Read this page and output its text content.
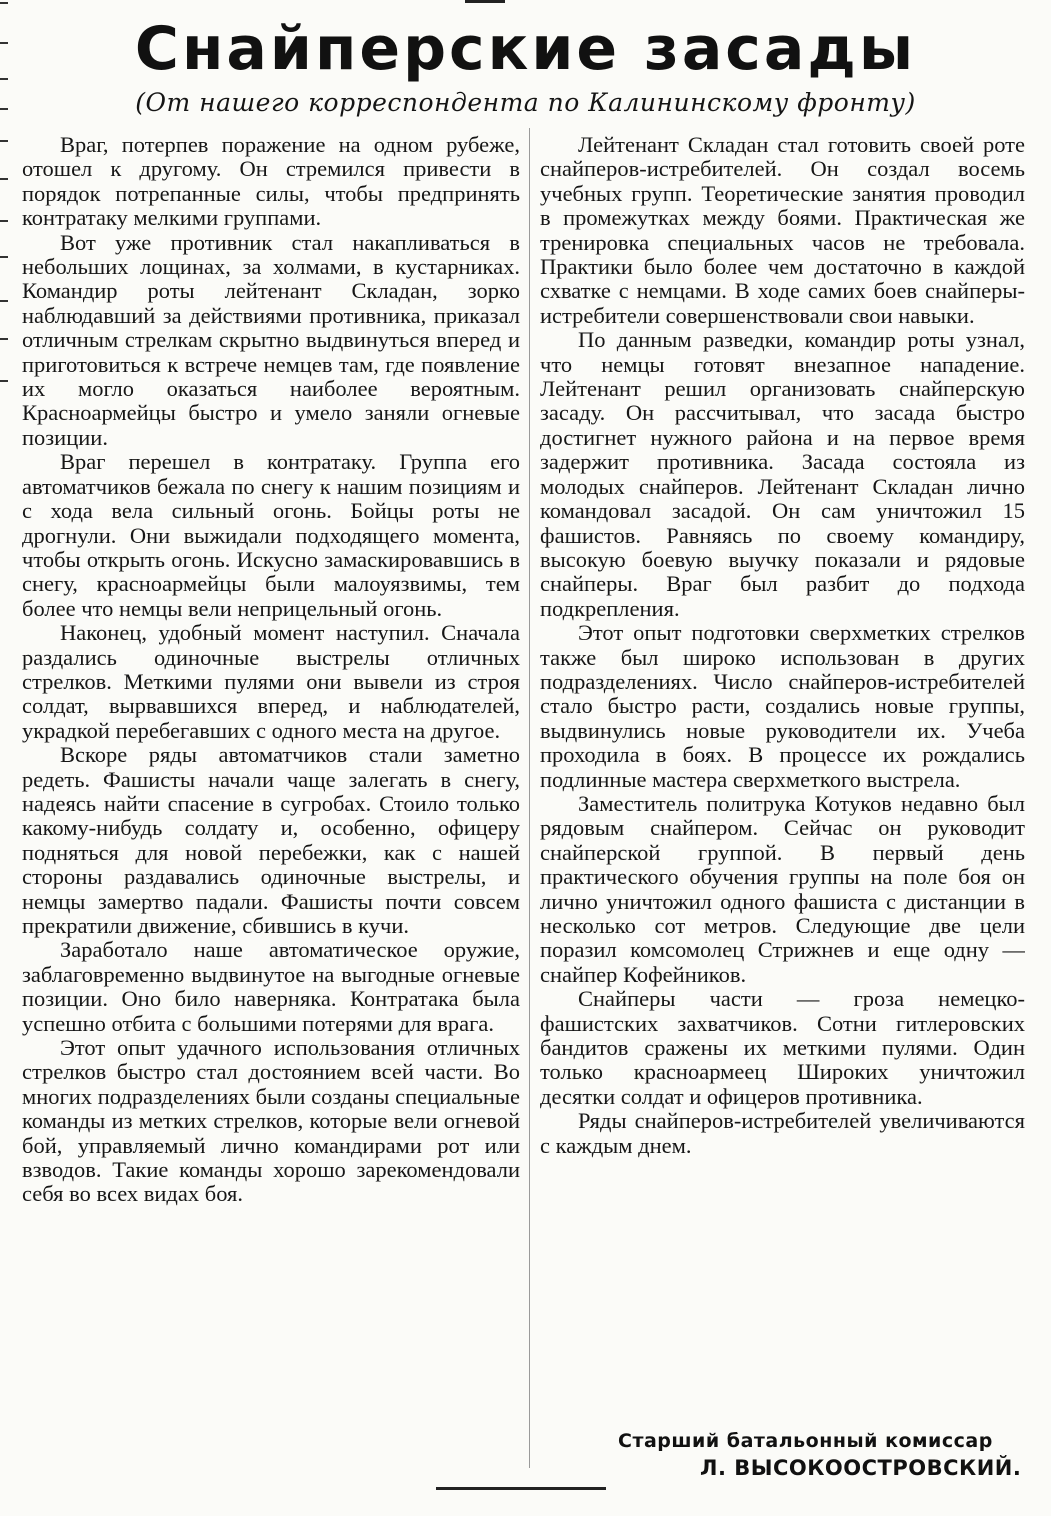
Снайперские засады
(От нашего корреспондента по Калининскому фронту)

Враг, потерпев поражение на одном рубеже, отошел к другому. Он стремился привести в порядок потрепанные силы, чтобы предпринять контратаку мелкими группами.

Вот уже противник стал накапливаться в небольших лощинах, за холмами, в кустарниках. Командир роты лейтенант Складан, зорко наблюдавший за действиями противника, приказал отличным стрелкам скрытно выдвинуться вперед и приготовиться к встрече немцев там, где появление их могло оказаться наиболее вероятным. Красноармейцы быстро и умело заняли огневые позиции.

Враг перешел в контратаку. Группа его автоматчиков бежала по снегу к нашим позициям и с хода вела сильный огонь. Бойцы роты не дрогнули. Они выжидали подходящего момента, чтобы открыть огонь. Искусно замаскировавшись в снегу, красноармейцы были малоуязвимы, тем более что немцы вели неприцельный огонь.

Наконец, удобный момент наступил. Сначала раздались одиночные выстрелы отличных стрелков. Меткими пулями они вывели из строя солдат, вырвавшихся вперед, и наблюдателей, украдкой перебегавших с одного места на другое.

Вскоре ряды автоматчиков стали заметно редеть. Фашисты начали чаще залегать в снегу, надеясь найти спасение в сугробах. Стоило только какому-нибудь солдату и, особенно, офицеру подняться для новой перебежки, как с нашей стороны раздавались одиночные выстрелы, и немцы замертво падали. Фашисты почти совсем прекратили движение, сбившись в кучи.

Заработало наше автоматическое оружие, заблаговременно выдвинутое на выгодные огневые позиции. Оно било наверняка. Контратака была успешно отбита с большими потерями для врага.

Этот опыт удачного использования отличных стрелков быстро стал достоянием всей части. Во многих подразделениях были созданы специальные команды из метких стрелков, которые вели огневой бой, управляемый лично командирами рот или взводов. Такие команды хорошо зарекомендовали себя во всех видах боя.

Лейтенант Складан стал готовить своей роте снайперов-истребителей. Он создал восемь учебных групп. Теоретические занятия проводил в промежутках между боями. Практическая же тренировка специальных часов не требовала. Практики было более чем достаточно в каждой схватке с немцами. В ходе самих боев снайперы-истребители совершенствовали свои навыки.

По данным разведки, командир роты узнал, что немцы готовят внезапное нападение. Лейтенант решил организовать снайперскую засаду. Он рассчитывал, что засада быстро достигнет нужного района и на первое время задержит противника. Засада состояла из молодых снайперов. Лейтенант Складан лично командовал засадой. Он сам уничтожил 15 фашистов. Равняясь по своему командиру, высокую боевую выучку показали и рядовые снайперы. Враг был разбит до подхода подкрепления.

Этот опыт подготовки сверхметких стрелков также был широко использован в других подразделениях. Число снайперов-истребителей стало быстро расти, создались новые группы, выдвинулись новые руководители их. Учеба проходила в боях. В процессе их рождались подлинные мастера сверхметкого выстрела.

Заместитель политрука Котуков недавно был рядовым снайпером. Сейчас он руководит снайперской группой. В первый день практического обучения группы на поле боя он лично уничтожил одного фашиста с дистанции в несколько сот метров. Следующие две цели поразил комсомолец Стрижнев и еще одну — снайпер Кофейников.

Снайперы части — гроза немецко-фашистских захватчиков. Сотни гитлеровских бандитов сражены их меткими пулями. Один только красноармеец Широких уничтожил десятки солдат и офицеров противника.

Ряды снайперов-истребителей увеличиваются с каждым днем.

Старший батальонный комиссар
Л. ВЫСОКООСТРОВСКИЙ.
